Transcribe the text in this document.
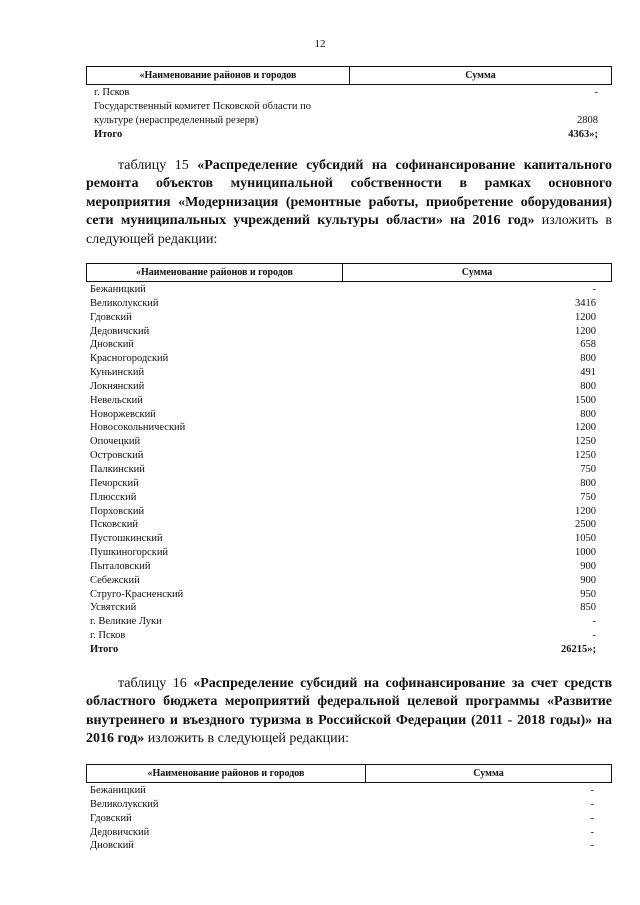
12
«Наименование районов и городов	Сумма
г. Псков	-
Государственный комитет Псковской области по
культуре (нераспределенный резерв)	2808
Итого	4363»;
таблицу 15 «Распределение субсидий на софинансирование капитального ремонта объектов муниципальной собственности в рамках основного мероприятия «Модернизация (ремонтные работы, приобретение оборудования) сети муниципальных учреждений культуры области» на 2016 год» изложить в следующей редакции:
«Наименование районов и городов	Сумма
Бежаницкий	-
Великолукский	3416
Гдовский	1200
Дедовичский	1200
Дновский	658
Красногородский	800
Куньинский	491
Локнянский	800
Невельский	1500
Новоржевский	800
Новосокольнический	1200
Опочецкий	1250
Островский	1250
Палкинский	750
Печорский	800
Плюсский	750
Порховский	1200
Псковский	2500
Пустошкинский	1050
Пушкиногорский	1000
Пыталовский	900
Себежский	900
Струго-Красненский	950
Усвятский	850
г. Великие Луки	-
г. Псков	-
Итого	26215»;
таблицу 16 «Распределение субсидий на софинансирование за счет средств областного бюджета мероприятий федеральной целевой программы «Развитие внутреннего и въездного туризма в Российской Федерации (2011 - 2018 годы)» на 2016 год» изложить в следующей редакции:
«Наименование районов и городов	Сумма
Бежаницкий	-
Великолукский	-
Гдовский	-
Дедовичский	-
Дновский	-
